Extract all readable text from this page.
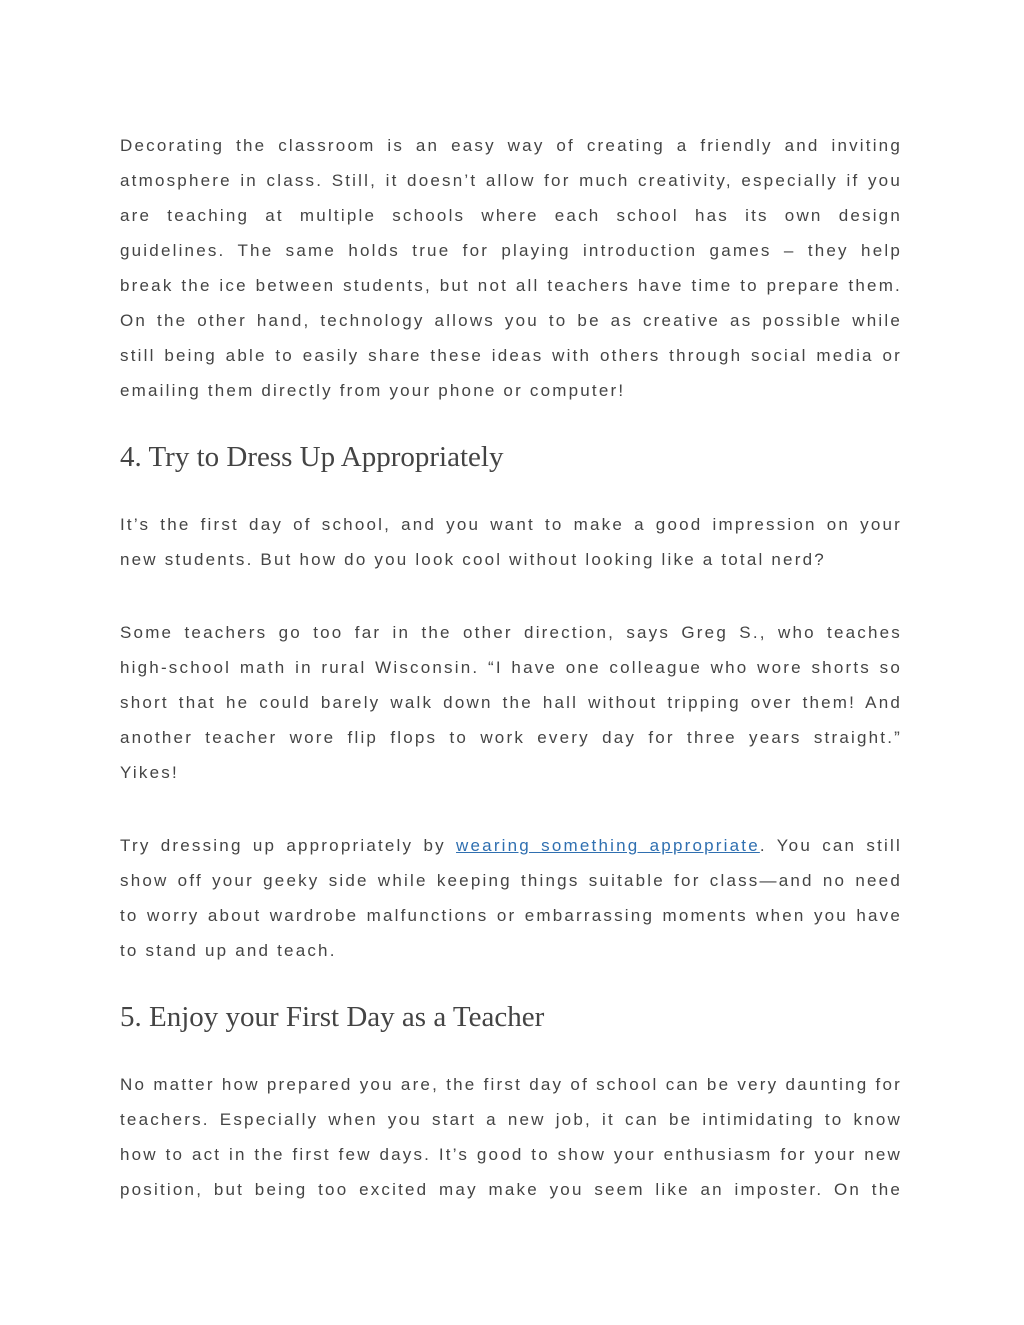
Decorating the classroom is an easy way of creating a friendly and inviting
atmosphere in class. Still, it doesn’t allow for much creativity, especially if you
are teaching at multiple schools where each school has its own design
guidelines. The same holds true for playing introduction games – they help
break the ice between students, but not all teachers have time to prepare them.
On the other hand, technology allows you to be as creative as possible while
still being able to easily share these ideas with others through social media or
emailing them directly from your phone or computer!
4. Try to Dress Up Appropriately
It’s the first day of school, and you want to make a good impression on your
new students. But how do you look cool without looking like a total nerd?
Some teachers go too far in the other direction, says Greg S., who teaches
high-school math in rural Wisconsin. “I have one colleague who wore shorts so
short that he could barely walk down the hall without tripping over them! And
another teacher wore flip flops to work every day for three years straight.”
Yikes!
Try dressing up appropriately by wearing something appropriate. You can still
show off your geeky side while keeping things suitable for class—and no need
to worry about wardrobe malfunctions or embarrassing moments when you have
to stand up and teach.
5. Enjoy your First Day as a Teacher
No matter how prepared you are, the first day of school can be very daunting for
teachers. Especially when you start a new job, it can be intimidating to know
how to act in the first few days. It’s good to show your enthusiasm for your new
position, but being too excited may make you seem like an imposter. On the
